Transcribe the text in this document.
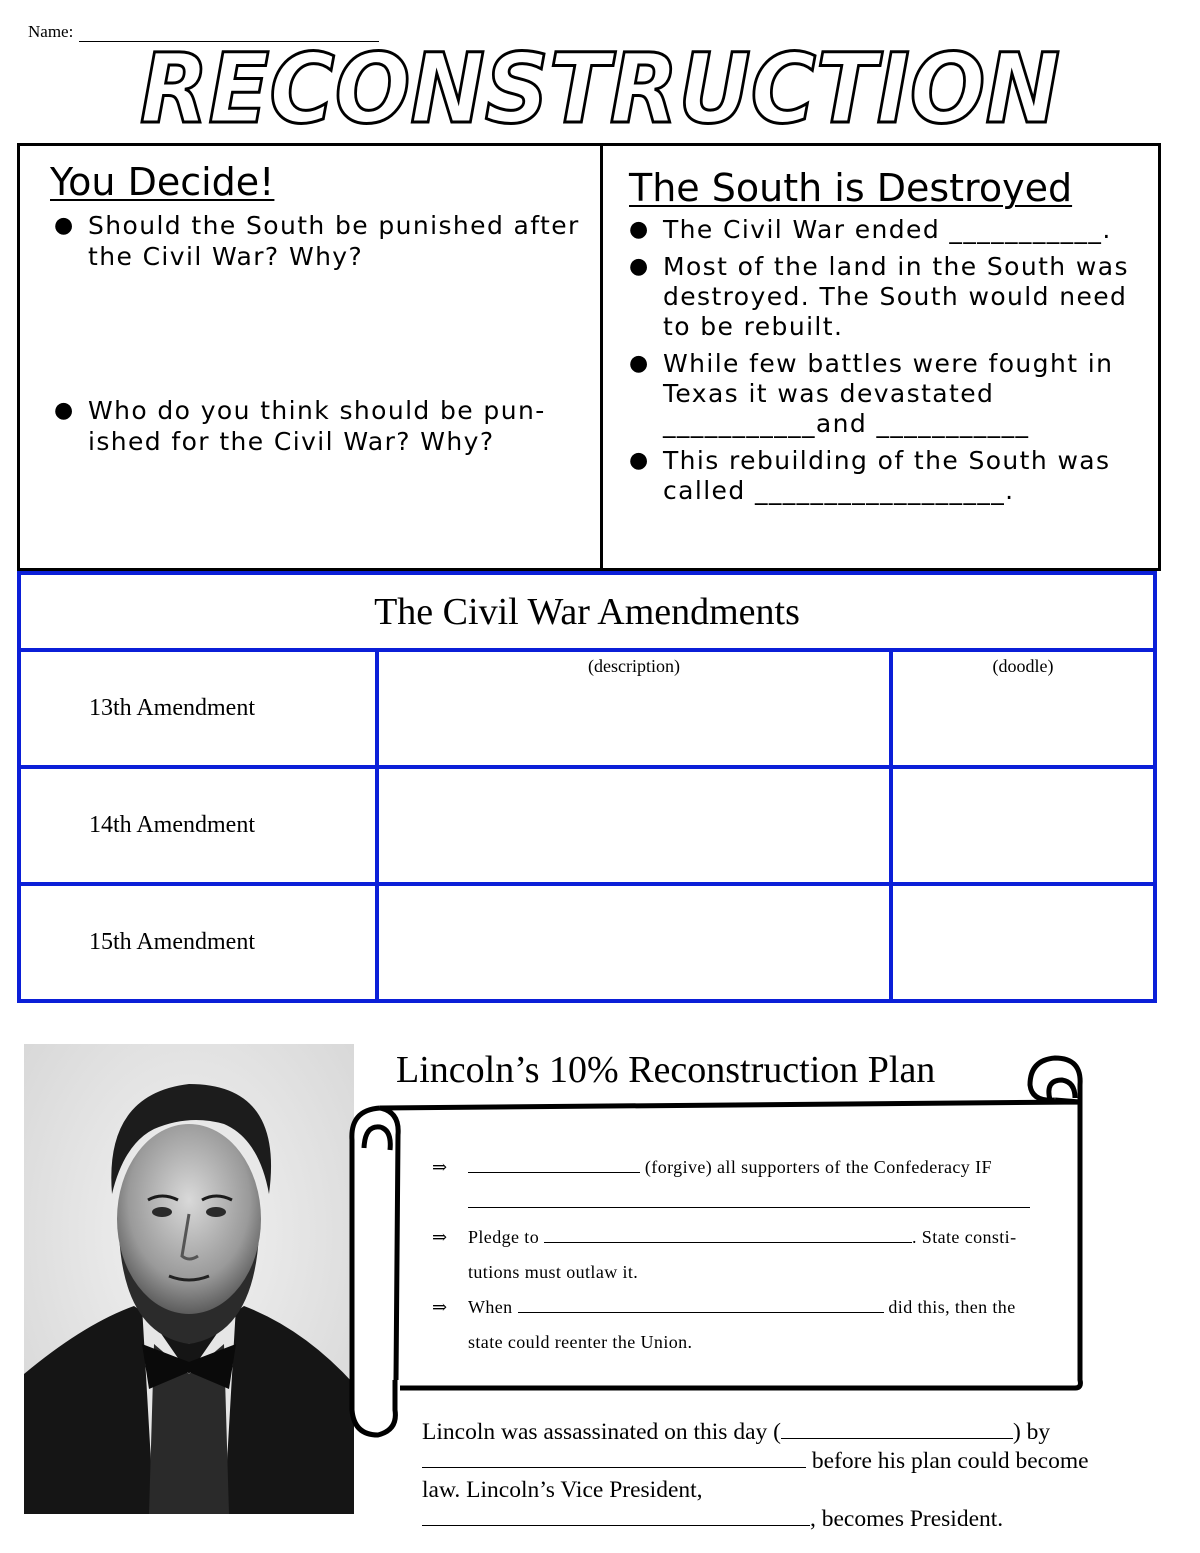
Name:
RECONSTRUCTION
You Decide!
● Should the South be punished after the Civil War? Why?
● Who do you think should be pun-ished for the Civil War? Why?
The South is Destroyed
● The Civil War ended ___________.
● Most of the land in the South was destroyed. The South would need to be rebuilt.
● While few battles were fought in Texas it was devastated ___________and ___________
● This rebuilding of the South was called __________________.
The Civil War Amendments		
13th Amendment	(description)	(doodle)

14th Amendment		
15th Amendment		
Lincoln’s 10% Reconstruction Plan
⇒	(forgive) all supporters of the Confederacy IF

⇒ Pledge to	. State consti-tutions must outlaw it.
⇒ When	did this, then the state could reenter the Union.
Lincoln was assassinated on this day (	) by  before his plan could become law. Lincoln’s Vice President,
, becomes President.
